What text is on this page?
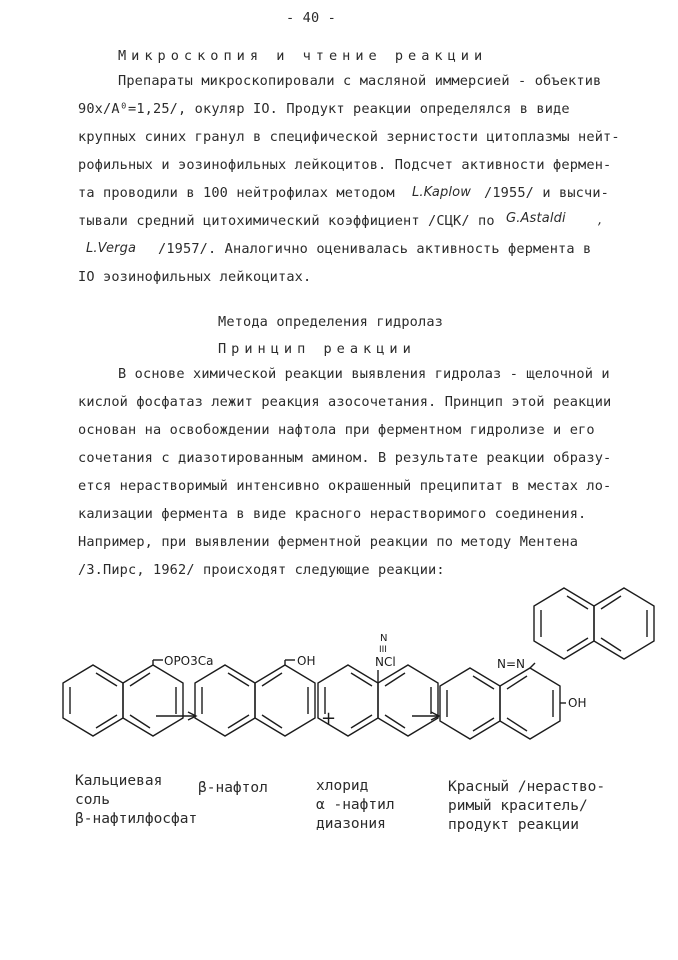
- 40 -
Микроскопия и чтение реакции
Препараты микроскопировали с масляной иммерсией - объектив
90х/А⁰=1,25/, окуляр IO. Продукт реакции определялся в виде
крупных синих гранул в специфической зернистости цитоплазмы нейт-
рофильных и эозинофильных лейкоцитов. Подсчет активности фермен-
та проводили в 100 нейтрофилах методом L.Kaplow /1955/ и высчи-
тывали средний цитохимический коэффициент /СЦК/ по G.Astaldi ,
L.Verga /1957/. Аналогично оценивалась активность фермента в
IO эозинофильных лейкоцитах.
Метода определения гидролаз
Принцип реакции
В основе химической реакции выявления гидролаз - щелочной и
кислой фосфатаз лежит реакция азосочетания. Принцип этой реакции
основан на освобождении нафтола при ферментном гидролизе и его
сочетания с диазотированным амином. В результате реакции образу-
ется нерастворимый интенсивно окрашенный преципитат в местах ло-
кализации фермента в виде красного нерастворимого соединения.
Например, при выявлении ферментной реакции по методу Ментена
/З.Пирс, 1962/ происходят следующие реакции:
OPO3Ca	OH
+
N
III
NCl	N=N
OH
Кальциевая
соль
β-нафтилфосфат
β-нафтол	хлорид
α -нафтил
диазония
Красный /нераство-
римый краситель/
продукт реакции
